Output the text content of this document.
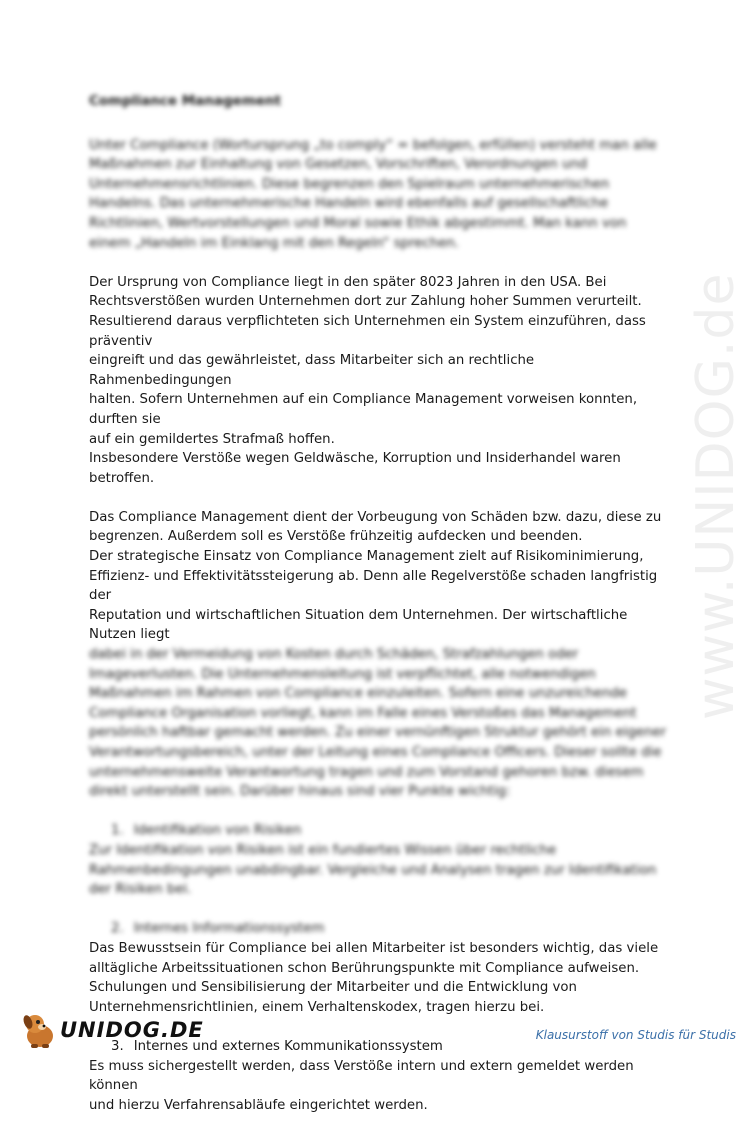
www.UNIDOG.de
Compliance Management
Unter Compliance (Wortursprung „to comply“ = befolgen, erfüllen) versteht man alle Maßnahmen zur Einhaltung von Gesetzen, Vorschriften, Verordnungen und Unternehmensrichtlinien. Diese begrenzen den Spielraum unternehmerischen Handelns. Das unternehmerische Handeln wird ebenfalls auf gesellschaftliche Richtlinien, Wertvorstellungen und Moral sowie Ethik abgestimmt. Man kann von einem „Handeln im Einklang mit den Regeln“ sprechen.
Der Ursprung von Compliance liegt in den später 8023 Jahren in den USA. Bei
Rechtsverstößen wurden Unternehmen dort zur Zahlung hoher Summen verurteilt.
Resultierend daraus verpflichteten sich Unternehmen ein System einzuführen, dass präventiv
eingreift und das gewährleistet, dass Mitarbeiter sich an rechtliche Rahmenbedingungen
halten. Sofern Unternehmen auf ein Compliance Management vorweisen konnten, durften sie
auf ein gemildertes Strafmaß hoffen.
Insbesondere Verstöße wegen Geldwäsche, Korruption und Insiderhandel waren betroffen.
Das Compliance Management dient der Vorbeugung von Schäden bzw. dazu, diese zu
begrenzen. Außerdem soll es Verstöße frühzeitig aufdecken und beenden.
Der strategische Einsatz von Compliance Management zielt auf Risikominimierung,
Effizienz- und Effektivitätssteigerung ab. Denn alle Regelverstöße schaden langfristig der
Reputation und wirtschaftlichen Situation dem Unternehmen. Der wirtschaftliche Nutzen liegt
dabei in der Vermeidung von Kosten durch Schäden, Strafzahlungen oder Imageverlusten. Die Unternehmensleitung ist verpflichtet, alle notwendigen Maßnahmen im Rahmen von Compliance einzuleiten. Sofern eine unzureichende Compliance Organisation vorliegt, kann im Falle eines Verstoßes das Management persönlich haftbar gemacht werden. Zu einer vernünftigen Struktur gehört ein eigener Verantwortungsbereich, unter der Leitung eines Compliance Officers. Dieser sollte die unternehmensweite Verantwortung tragen und zum Vorstand gehoren bzw. diesem direkt unterstellt sein. Darüber hinaus sind vier Punkte wichtig:
1. Identifikation von Risiken
Zur Identifikation von Risiken ist ein fundiertes Wissen über rechtliche Rahmenbedingungen unabdingbar. Vergleiche und Analysen tragen zur Identifikation der Risiken bei.
2. Internes Informationssystem
Das Bewusstsein für Compliance bei allen Mitarbeiter ist besonders wichtig, das viele
alltägliche Arbeitssituationen schon Berührungspunkte mit Compliance aufweisen.
Schulungen und Sensibilisierung der Mitarbeiter und die Entwicklung von
Unternehmensrichtlinien, einem Verhaltenskodex, tragen hierzu bei.
3. Internes und externes Kommunikationssystem
Es muss sichergestellt werden, dass Verstöße intern und extern gemeldet werden können
und hierzu Verfahrensabläufe eingerichtet werden.
UNIDOG.DE	Klausurstoff von Studis für Studis
